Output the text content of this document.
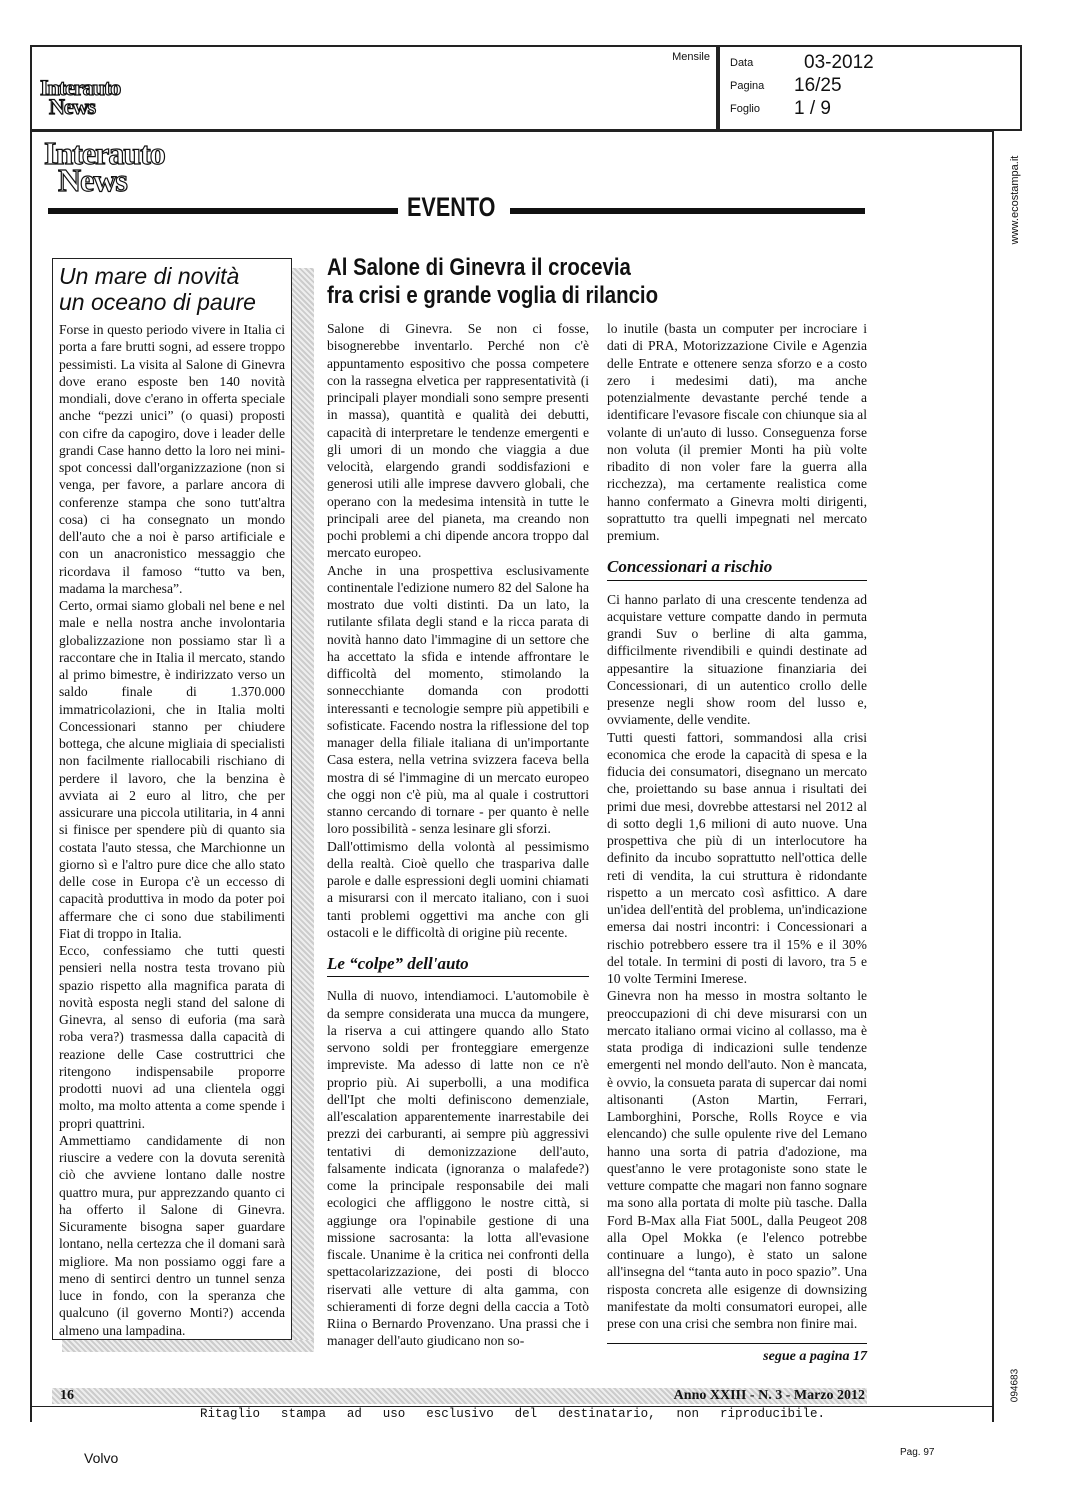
Interauto
News
Mensile Data	03-2012
Pagina 16/25
Foglio 1 / 9
Interauto
News
EVENTO
Un mare di novità
un oceano di paure

Forse in questo periodo vivere in Italia ci porta a fare brutti sogni, ad essere troppo pessimisti. La visita al Salone di Ginevra dove erano esposte ben 140 novità mondiali, dove c'erano in offerta speciale anche “pezzi unici” (o quasi) proposti con cifre da capogiro, dove i leader delle grandi Case hanno detto la loro nei mini-spot concessi dall'organizzazione (non si venga, per favore, a parlare ancora di conferenze stampa che sono tutt'altra cosa) ci ha consegnato un mondo dell'auto che a noi è parso artificiale e con un anacronistico messaggio che ricordava il famoso “tutto va ben, madama la marchesa”.

Certo, ormai siamo globali nel bene e nel male e nella nostra anche involontaria globalizzazione non possiamo star lì a raccontare che in Italia il mercato, stando al primo bimestre, è indirizzato verso un saldo finale di 1.370.000 immatricolazioni, che in Italia molti Concessionari stanno per chiudere bottega, che alcune migliaia di specialisti non facilmente riallocabili rischiano di perdere il lavoro, che la benzina è avviata ai 2 euro al litro, che per assicurare una piccola utilitaria, in 4 anni si finisce per spendere più di quanto sia costata l'auto stessa, che Marchionne un giorno sì e l'altro pure dice che allo stato delle cose in Europa c'è un eccesso di capacità produttiva in modo da poter poi affermare che ci sono due stabilimenti Fiat di troppo in Italia.

Ecco, confessiamo che tutti questi pensieri nella nostra testa trovano più spazio rispetto alla magnifica parata di novità esposta negli stand del salone di Ginevra, al senso di euforia (ma sarà roba vera?) trasmessa dalla capacità di reazione delle Case costruttrici che ritengono indispensabile proporre prodotti nuovi ad una clientela oggi molto, ma molto attenta a come spende i propri quattrini.

Ammettiamo candidamente di non riuscire a vedere con la dovuta serenità ciò che avviene lontano dalle nostre quattro mura, pur apprezzando quanto ci ha offerto il Salone di Ginevra. Sicuramente bisogna saper guardare lontano, nella certezza che il domani sarà migliore. Ma non possiamo oggi fare a meno di sentirci dentro un tunnel senza luce in fondo, con la speranza che qualcuno (il governo Monti?) accenda almeno una lampadina.

Al Salone di Ginevra il crocevia
fra crisi e grande voglia di rilancio

Salone di Ginevra. Se non ci fosse, bisognerebbe inventarlo. Perché non c'è appuntamento espositivo che possa competere con la rassegna elvetica per rappresentatività (i principali player mondiali sono sempre presenti in massa), quantità e qualità dei debutti, capacità di interpretare le tendenze emergenti e gli umori di un mondo che viaggia a due velocità, elargendo grandi soddisfazioni e generosi utili alle imprese davvero globali, che operano con la medesima intensità in tutte le principali aree del pianeta, ma creando non pochi problemi a chi dipende ancora troppo dal mercato europeo.

Anche in una prospettiva esclusivamente continentale l'edizione numero 82 del Salone ha mostrato due volti distinti. Da un lato, la rutilante sfilata degli stand e la ricca parata di novità hanno dato l'immagine di un settore che ha accettato la sfida e intende affrontare le difficoltà del momento, stimolando la sonnecchiante domanda con prodotti interessanti e tecnologie sempre più appetibili e sofisticate. Facendo nostra la riflessione del top manager della filiale italiana di un'importante Casa estera, nella vetrina svizzera faceva bella mostra di sé l'immagine di un mercato europeo che oggi non c'è più, ma al quale i costruttori stanno cercando di tornare - per quanto è nelle loro possibilità - senza lesinare gli sforzi.

Dall'ottimismo della volontà al pessimismo della realtà. Cioè quello che traspariva dalle parole e dalle espressioni degli uomini chiamati a misurarsi con il mercato italiano, con i suoi tanti problemi oggettivi ma anche con gli ostacoli e le difficoltà di origine più recente.

Le “colpe” dell'auto

Nulla di nuovo, intendiamoci. L'automobile è da sempre considerata una mucca da mungere, la riserva a cui attingere quando allo Stato servono soldi per fronteggiare emergenze impreviste. Ma adesso di latte non ce n'è proprio più. Ai superbolli, a una modifica dell'Ipt che molti definiscono demenziale, all'escalation apparentemente inarrestabile dei prezzi dei carburanti, ai sempre più aggressivi tentativi di demonizzazione dell'auto, falsamente indicata (ignoranza o malafede?) come la principale responsabile dei mali ecologici che affliggono le nostre città, si aggiunge ora l'opinabile gestione di una missione sacrosanta: la lotta all'evasione fiscale. Unanime è la critica nei confronti della spettacolarizzazione, dei posti di blocco riservati alle vetture di alta gamma, con schieramenti di forze degni della caccia a Totò Riina o Bernardo Provenzano. Una prassi che i manager dell'auto giudicano non so-

lo inutile (basta un computer per incrociare i dati di PRA, Motorizzazione Civile e Agenzia delle Entrate e ottenere senza sforzo e a costo zero i medesimi dati), ma anche potenzialmente devastante perché tende a identificare l'evasore fiscale con chiunque sia al volante di un'auto di lusso. Conseguenza forse non voluta (il premier Monti ha più volte ribadito di non voler fare la guerra alla ricchezza), ma certamente realistica come hanno confermato a Ginevra molti dirigenti, soprattutto tra quelli impegnati nel mercato premium.

Concessionari a rischio

Ci hanno parlato di una crescente tendenza ad acquistare vetture compatte dando in permuta grandi Suv o berline di alta gamma, difficilmente rivendibili e quindi destinate ad appesantire la situazione finanziaria dei Concessionari, di un autentico crollo delle presenze negli show room del lusso e, ovviamente, delle vendite.

Tutti questi fattori, sommandosi alla crisi economica che erode la capacità di spesa e la fiducia dei consumatori, disegnano un mercato che, proiettando su base annua i risultati dei primi due mesi, dovrebbe attestarsi nel 2012 al di sotto degli 1,6 milioni di auto nuove. Una prospettiva che più di un interlocutore ha definito da incubo soprattutto nell'ottica delle reti di vendita, la cui struttura è ridondante rispetto a un mercato così asfittico. A dare un'idea dell'entità del problema, un'indicazione emersa dai nostri incontri: i Concessionari a rischio potrebbero essere tra il 15% e il 30% del totale. In termini di posti di lavoro, tra 5 e 10 volte Termini Imerese.

Ginevra non ha messo in mostra soltanto le preoccupazioni di chi deve misurarsi con un mercato italiano ormai vicino al collasso, ma è stata prodiga di indicazioni sulle tendenze emergenti nel mondo dell'auto. Non è mancata, è ovvio, la consueta parata di supercar dai nomi altisonanti (Aston Martin, Ferrari, Lamborghini, Porsche, Rolls Royce e via elencando) che sulle opulente rive del Lemano hanno una sorta di patria d'adozione, ma quest'anno le vere protagoniste sono state le vetture compatte che magari non fanno sognare ma sono alla portata di molte più tasche. Dalla Ford B-Max alla Fiat 500L, dalla Peugeot 208 alla Opel Mokka (e l'elenco potrebbe continuare a lungo), è stato un salone all'insegna del “tanta auto in poco spazio”. Una risposta concreta alle esigenze di downsizing manifestate da molti consumatori europei, alle prese con una crisi che sembra non finire mai.

segue a pagina 17
16	Anno XXIII - N. 3 - Marzo 2012
Ritaglio stampa ad uso esclusivo del destinatario, non riproducibile.
Volvo	Pag. 97
www.ecostampa.it
094683
